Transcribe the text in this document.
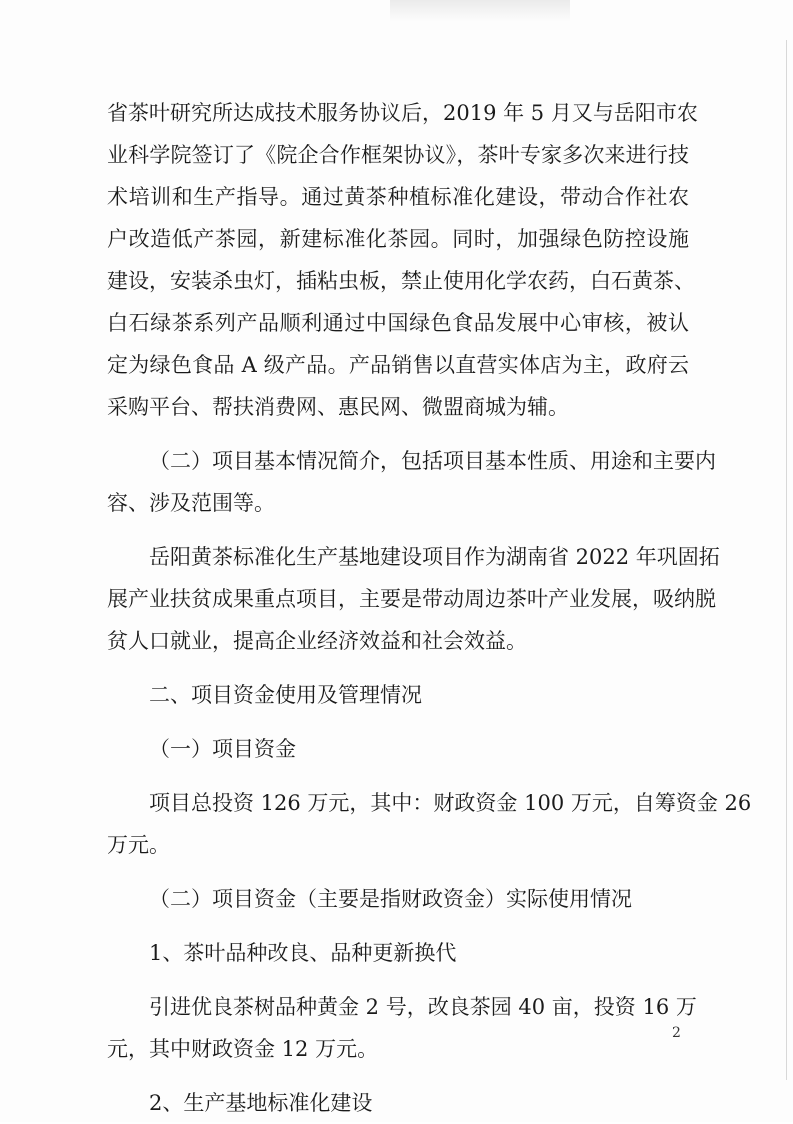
省茶叶研究所达成技术服务协议后，2019 年 5 月又与岳阳市农
业科学院签订了《院企合作框架协议》，茶叶专家多次来进行技
术培训和生产指导。通过黄茶种植标准化建设，带动合作社农
户改造低产茶园，新建标准化茶园。同时，加强绿色防控设施
建设，安装杀虫灯，插粘虫板，禁止使用化学农药，白石黄茶、
白石绿茶系列产品顺利通过中国绿色食品发展中心审核，被认
定为绿色食品 A 级产品。产品销售以直营实体店为主，政府云
采购平台、帮扶消费网、惠民网、微盟商城为辅。
（二）项目基本情况简介，包括项目基本性质、用途和主要内
容、涉及范围等。
岳阳黄茶标准化生产基地建设项目作为湖南省 2022 年巩固拓
展产业扶贫成果重点项目，主要是带动周边茶叶产业发展，吸纳脱
贫人口就业，提高企业经济效益和社会效益。
二、项目资金使用及管理情况
（一）项目资金
项目总投资 126 万元，其中：财政资金 100 万元，自筹资金 26
万元。
（二）项目资金（主要是指财政资金）实际使用情况
1、茶叶品种改良、品种更新换代
引进优良茶树品种黄金 2 号，改良茶园 40 亩，投资 16 万
元，其中财政资金 12 万元。
2、生产基地标准化建设
2
